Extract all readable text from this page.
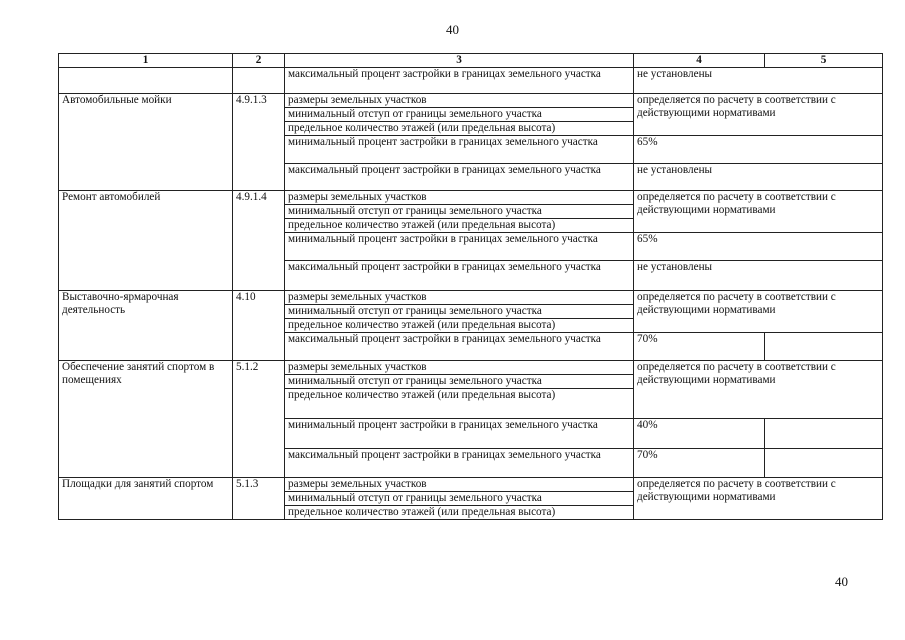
40
1	2	3	4	5
		максимальный процент застройки в границах земельного участка	не установлены	
Автомобильные мойки	4.9.1.3	размеры земельных участков	определяется по расчету в соответствии с действующими нормативами	
		минимальный отступ от границы земельного участка		
		предельное количество этажей (или предельная высота)		
		минимальный процент застройки в границах земельного участка	65%	
		максимальный процент застройки в границах земельного участка	не установлены	
Ремонт автомобилей	4.9.1.4	размеры земельных участков	определяется по расчету в соответствии с действующими нормативами	
		минимальный отступ от границы земельного участка		
		предельное количество этажей (или предельная высота)		
		минимальный процент застройки в границах земельного участка	65%	
		максимальный процент застройки в границах земельного участка	не установлены	
Выставочно-ярмарочная деятельность	4.10	размеры земельных участков	определяется по расчету в соответствии с действующими нормативами	
		минимальный отступ от границы земельного участка		
		предельное количество этажей (или предельная высота)		
		максимальный процент застройки в границах земельного участка	70%	
Обеспечение занятий спортом в помещениях	5.1.2	размеры земельных участков	определяется по расчету в соответствии с действующими нормативами	
		минимальный отступ от границы земельного участка		
		предельное количество этажей (или предельная высота)		
		минимальный процент застройки в границах земельного участка	40%	
		максимальный процент застройки в границах земельного участка	70%	
Площадки для занятий спортом	5.1.3	размеры земельных участков	определяется по расчету в соответствии с действующими нормативами	
		минимальный отступ от границы земельного участка		
		предельное количество этажей (или предельная высота)		
40
